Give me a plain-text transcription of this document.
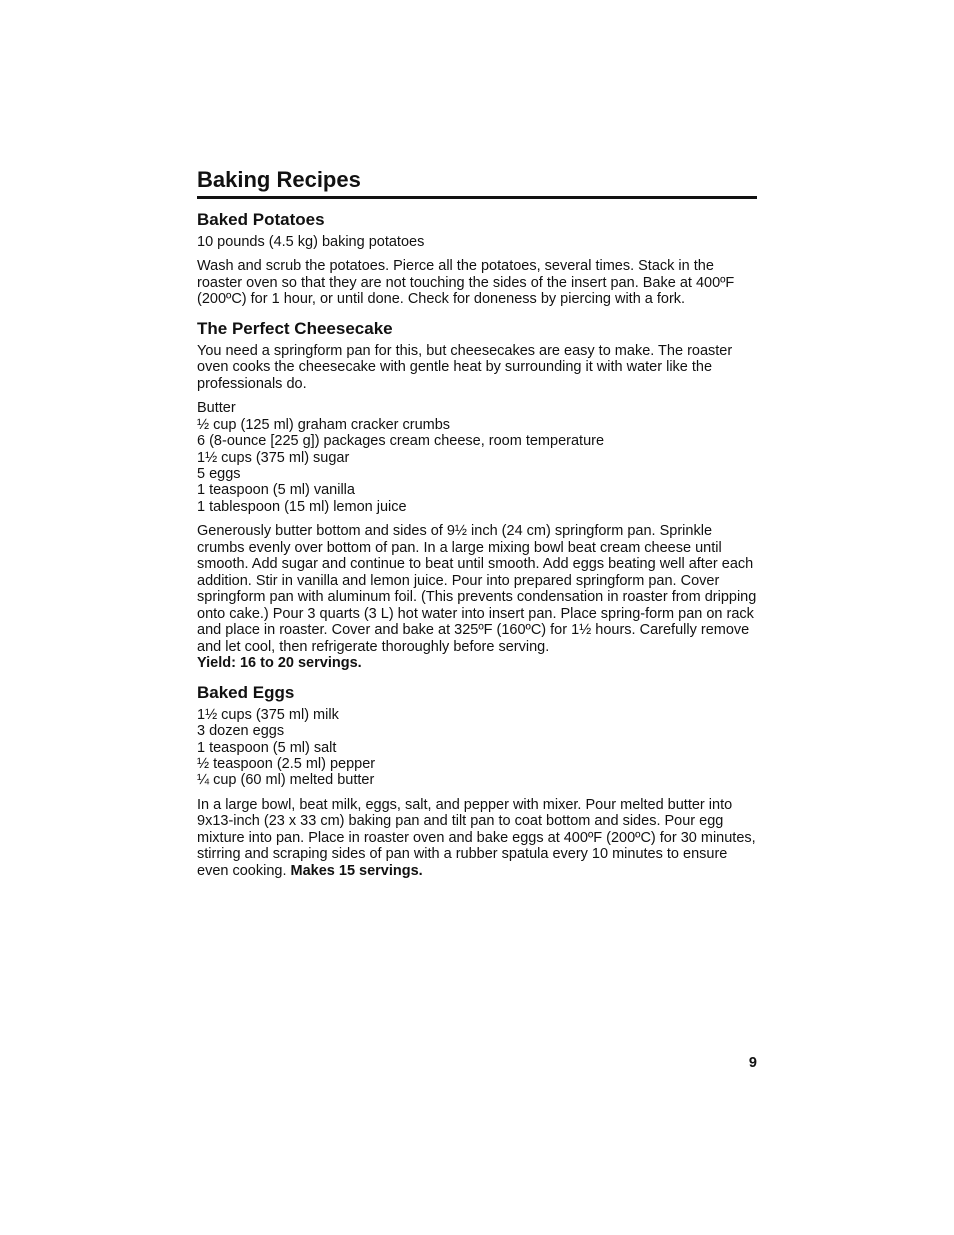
Baking Recipes
Baked Potatoes
10 pounds (4.5 kg) baking potatoes

Wash and scrub the potatoes. Pierce all the potatoes, several times. Stack in the roaster oven so that they are not touching the sides of the insert pan. Bake at 400ºF (200ºC) for 1 hour, or until done. Check for doneness by piercing with a fork.

The Perfect Cheesecake

You need a springform pan for this, but cheesecakes are easy to make. The roaster oven cooks the cheesecake with gentle heat by surrounding it with water like the professionals do.

Butter
½ cup (125 ml) graham cracker crumbs
6 (8-ounce [225 g]) packages cream cheese, room temperature
1½ cups (375 ml) sugar
5 eggs
1 teaspoon (5 ml) vanilla
1 tablespoon (15 ml) lemon juice

Generously butter bottom and sides of 9½ inch (24 cm) springform pan. Sprinkle crumbs evenly over bottom of pan. In a large mixing bowl beat cream cheese until smooth. Add sugar and continue to beat until smooth. Add eggs beating well after each addition. Stir in vanilla and lemon juice. Pour into prepared springform pan. Cover springform pan with aluminum foil. (This prevents condensation in roaster from dripping onto cake.) Pour 3 quarts (3 L) hot water into insert pan. Place spring-form pan on rack and place in roaster. Cover and bake at 325ºF (160ºC) for 1½ hours. Carefully remove and let cool, then refrigerate thoroughly before serving.
Yield: 16 to 20 servings.

Baked Eggs
1½ cups (375 ml) milk
3 dozen eggs
1 teaspoon (5 ml) salt
½ teaspoon (2.5 ml) pepper
¼ cup (60 ml) melted butter

In a large bowl, beat milk, eggs, salt, and pepper with mixer. Pour melted butter into 9x13-inch (23 x 33 cm) baking pan and tilt pan to coat bottom and sides. Pour egg mixture into pan. Place in roaster oven and bake eggs at 400ºF (200ºC) for 30 minutes, stirring and scraping sides of pan with a rubber spatula every 10 minutes to ensure even cooking. Makes 15 servings.

9
